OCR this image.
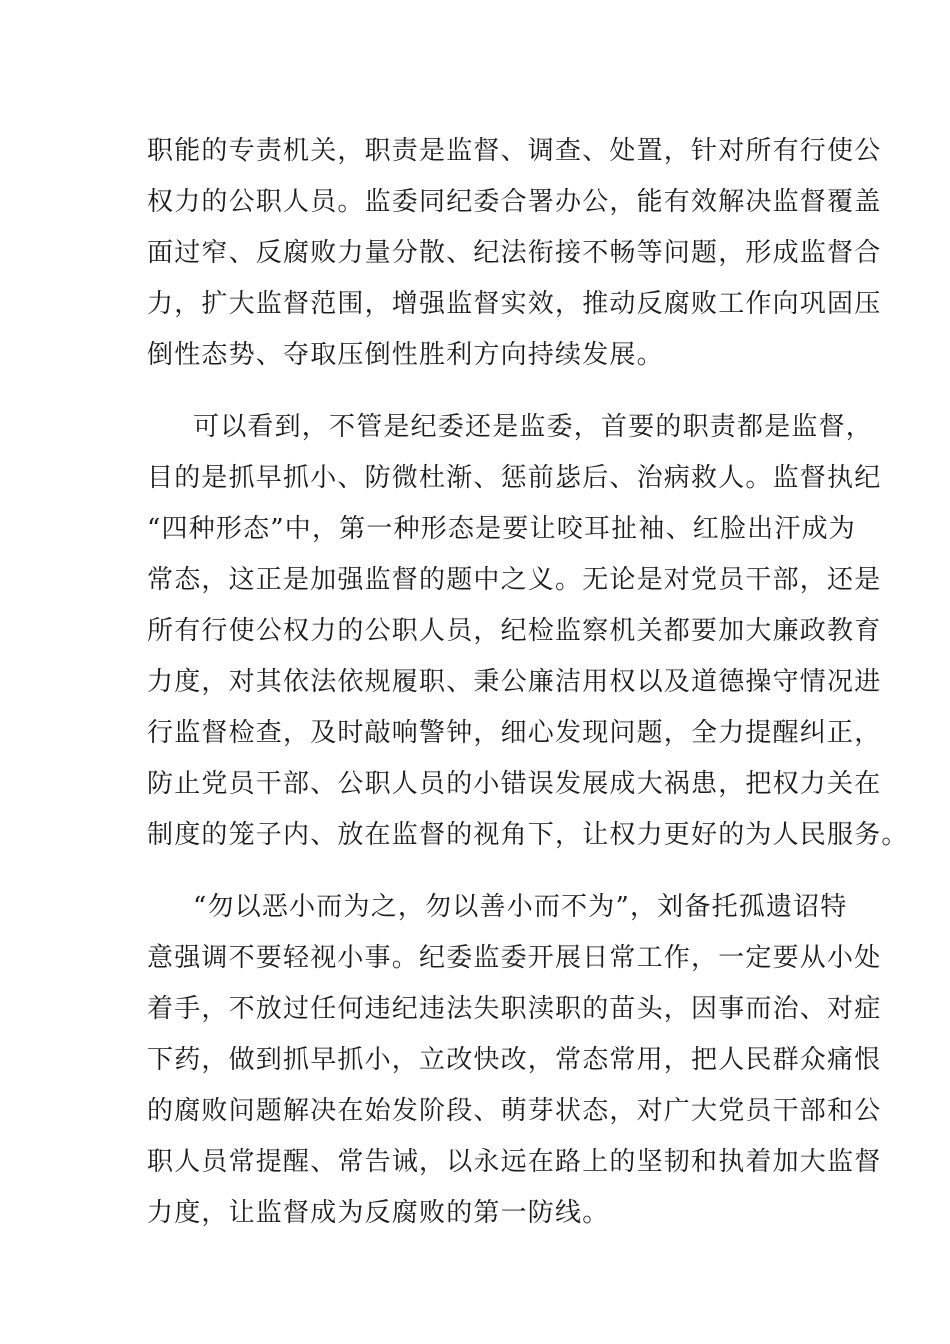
职能的专责机关，职责是监督、调查、处置，针对所有行使公
权力的公职人员。监委同纪委合署办公，能有效解决监督覆盖
面过窄、反腐败力量分散、纪法衔接不畅等问题，形成监督合
力，扩大监督范围，增强监督实效，推动反腐败工作向巩固压
倒性态势、夺取压倒性胜利方向持续发展。
可以看到，不管是纪委还是监委，首要的职责都是监督，
目的是抓早抓小、防微杜渐、惩前毖后、治病救人。监督执纪
“四种形态”中，第一种形态是要让咬耳扯袖、红脸出汗成为
常态，这正是加强监督的题中之义。无论是对党员干部，还是
所有行使公权力的公职人员，纪检监察机关都要加大廉政教育
力度，对其依法依规履职、秉公廉洁用权以及道德操守情况进
行监督检查，及时敲响警钟，细心发现问题，全力提醒纠正，
防止党员干部、公职人员的小错误发展成大祸患，把权力关在
制度的笼子内、放在监督的视角下，让权力更好的为人民服务。
“勿以恶小而为之，勿以善小而不为”，刘备托孤遗诏特
意强调不要轻视小事。纪委监委开展日常工作，一定要从小处
着手，不放过任何违纪违法失职渎职的苗头，因事而治、对症
下药，做到抓早抓小，立改快改，常态常用，把人民群众痛恨
的腐败问题解决在始发阶段、萌芽状态，对广大党员干部和公
职人员常提醒、常告诫，以永远在路上的坚韧和执着加大监督
力度，让监督成为反腐败的第一防线。
